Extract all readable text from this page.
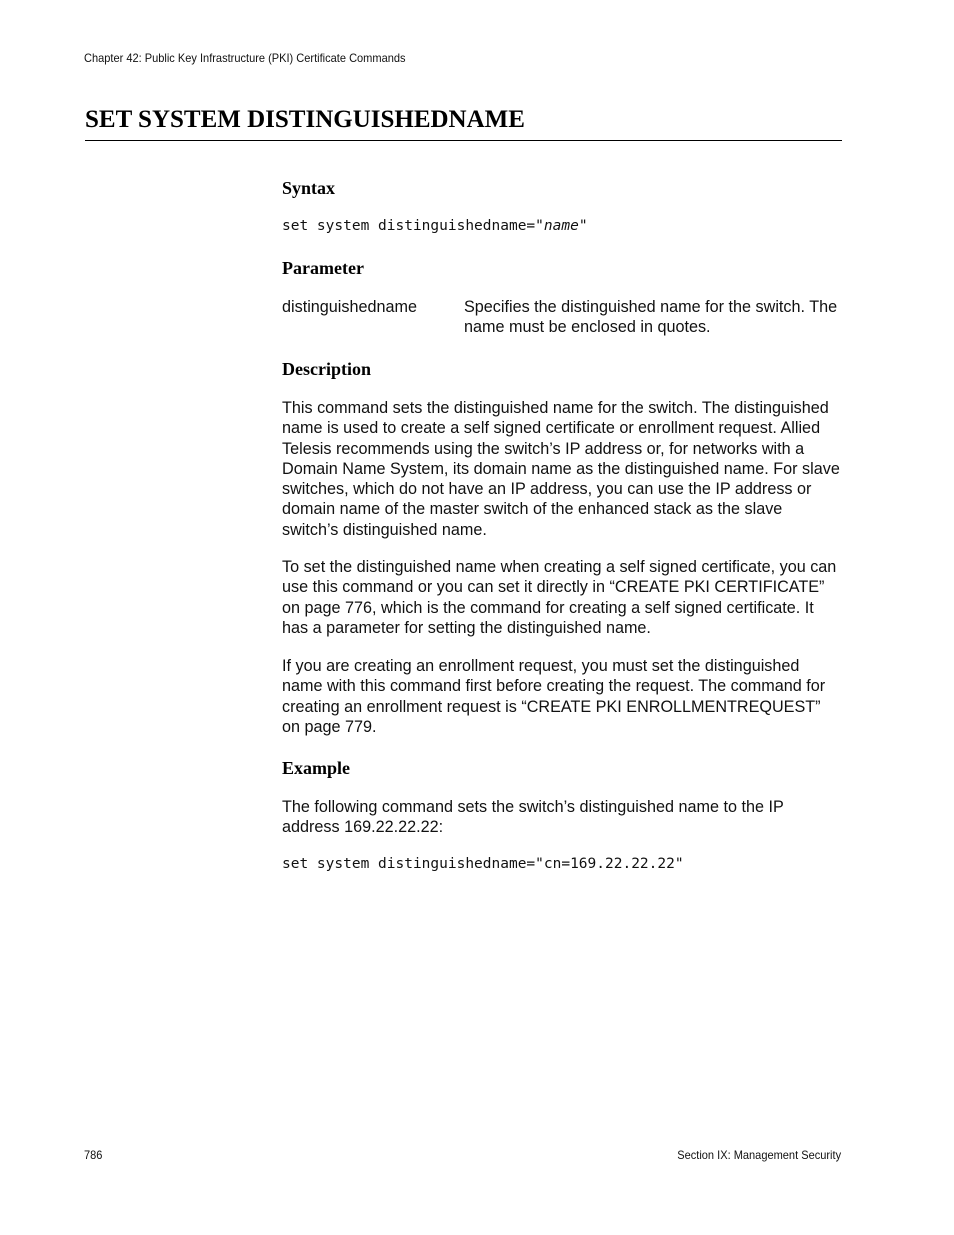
Chapter 42: Public Key Infrastructure (PKI) Certificate Commands
SET SYSTEM DISTINGUISHEDNAME
Syntax
set system distinguishedname="name"
Parameter

distinguishedname	Specifies the distinguished name for the switch. The name must be enclosed in quotes.

Description

This command sets the distinguished name for the switch. The distinguished name is used to create a self signed certificate or enrollment request. Allied Telesis recommends using the switch’s IP address or, for networks with a Domain Name System, its domain name as the distinguished name. For slave switches, which do not have an IP address, you can use the IP address or domain name of the master switch of the enhanced stack as the slave switch’s distinguished name.

To set the distinguished name when creating a self signed certificate, you can use this command or you can set it directly in “CREATE PKI CERTIFICATE” on page 776, which is the command for creating a self signed certificate. It has a parameter for setting the distinguished name.

If you are creating an enrollment request, you must set the distinguished name with this command first before creating the request. The command for creating an enrollment request is “CREATE PKI ENROLLMENTREQUEST” on page 779.

Example

The following command sets the switch’s distinguished name to the IP address 169.22.22.22:

set system distinguishedname="cn=169.22.22.22"
786	Section IX: Management Security
